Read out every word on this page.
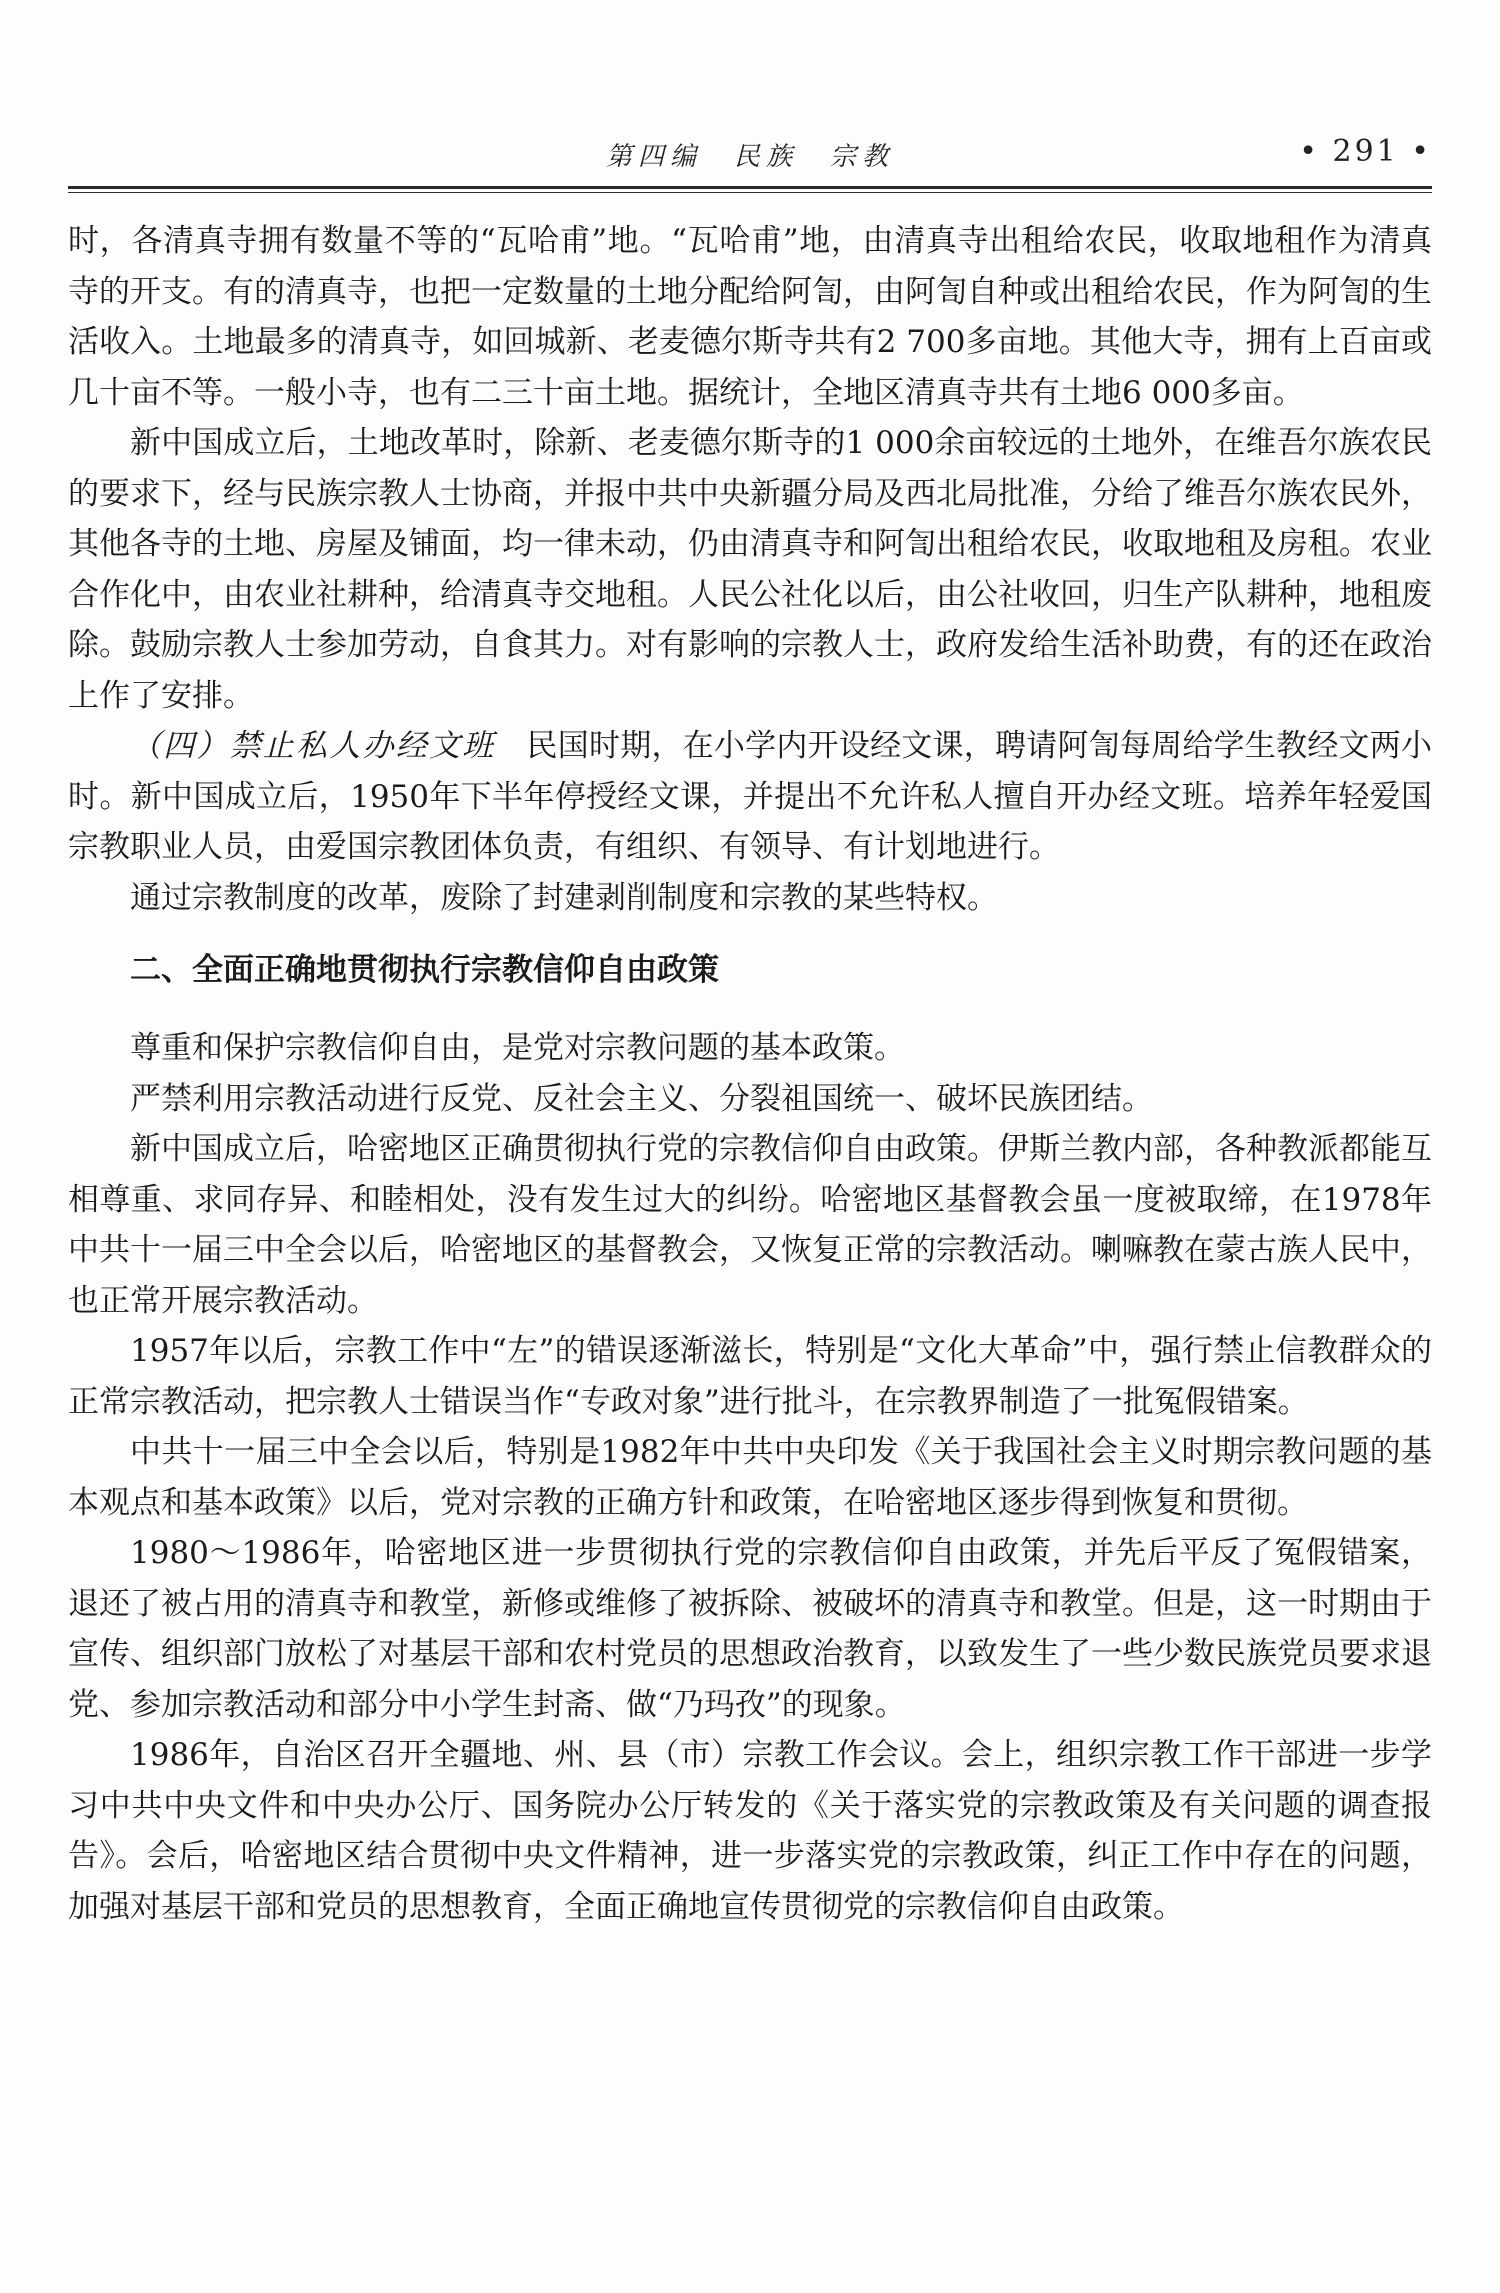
第四编　民族　宗教	• 291 •

时，各清真寺拥有数量不等的“瓦哈甫”地。“瓦哈甫”地，由清真寺出租给农民，收取地租作为清真寺的开支。有的清真寺，也把一定数量的土地分配给阿訇，由阿訇自种或出租给农民，作为阿訇的生活收入。土地最多的清真寺，如回城新、老麦德尔斯寺共有2 700多亩地。其他大寺，拥有上百亩或几十亩不等。一般小寺，也有二三十亩土地。据统计，全地区清真寺共有土地6 000多亩。

新中国成立后，土地改革时，除新、老麦德尔斯寺的1 000余亩较远的土地外，在维吾尔族农民的要求下，经与民族宗教人士协商，并报中共中央新疆分局及西北局批准，分给了维吾尔族农民外，其他各寺的土地、房屋及铺面，均一律未动，仍由清真寺和阿訇出租给农民，收取地租及房租。农业合作化中，由农业社耕种，给清真寺交地租。人民公社化以后，由公社收回，归生产队耕种，地租废除。鼓励宗教人士参加劳动，自食其力。对有影响的宗教人士，政府发给生活补助费，有的还在政治上作了安排。

（四）禁止私人办经文班 民国时期，在小学内开设经文课，聘请阿訇每周给学生教经文两小时。新中国成立后，1950年下半年停授经文课，并提出不允许私人擅自开办经文班。培养年轻爱国宗教职业人员，由爱国宗教团体负责，有组织、有领导、有计划地进行。

通过宗教制度的改革，废除了封建剥削制度和宗教的某些特权。

二、全面正确地贯彻执行宗教信仰自由政策

尊重和保护宗教信仰自由，是党对宗教问题的基本政策。

严禁利用宗教活动进行反党、反社会主义、分裂祖国统一、破坏民族团结。

新中国成立后，哈密地区正确贯彻执行党的宗教信仰自由政策。伊斯兰教内部，各种教派都能互相尊重、求同存异、和睦相处，没有发生过大的纠纷。哈密地区基督教会虽一度被取缔，在1978年中共十一届三中全会以后，哈密地区的基督教会，又恢复正常的宗教活动。喇嘛教在蒙古族人民中，也正常开展宗教活动。

1957年以后，宗教工作中“左”的错误逐渐滋长，特别是“文化大革命”中，强行禁止信教群众的正常宗教活动，把宗教人士错误当作“专政对象”进行批斗，在宗教界制造了一批冤假错案。

中共十一届三中全会以后，特别是1982年中共中央印发《关于我国社会主义时期宗教问题的基本观点和基本政策》以后，党对宗教的正确方针和政策，在哈密地区逐步得到恢复和贯彻。

1980～1986年，哈密地区进一步贯彻执行党的宗教信仰自由政策，并先后平反了冤假错案，退还了被占用的清真寺和教堂，新修或维修了被拆除、被破坏的清真寺和教堂。但是，这一时期由于宣传、组织部门放松了对基层干部和农村党员的思想政治教育，以致发生了一些少数民族党员要求退党、参加宗教活动和部分中小学生封斋、做“乃玛孜”的现象。

1986年，自治区召开全疆地、州、县（市）宗教工作会议。会上，组织宗教工作干部进一步学习中共中央文件和中央办公厅、国务院办公厅转发的《关于落实党的宗教政策及有关问题的调查报告》。会后，哈密地区结合贯彻中央文件精神，进一步落实党的宗教政策，纠正工作中存在的问题，加强对基层干部和党员的思想教育，全面正确地宣传贯彻党的宗教信仰自由政策。
